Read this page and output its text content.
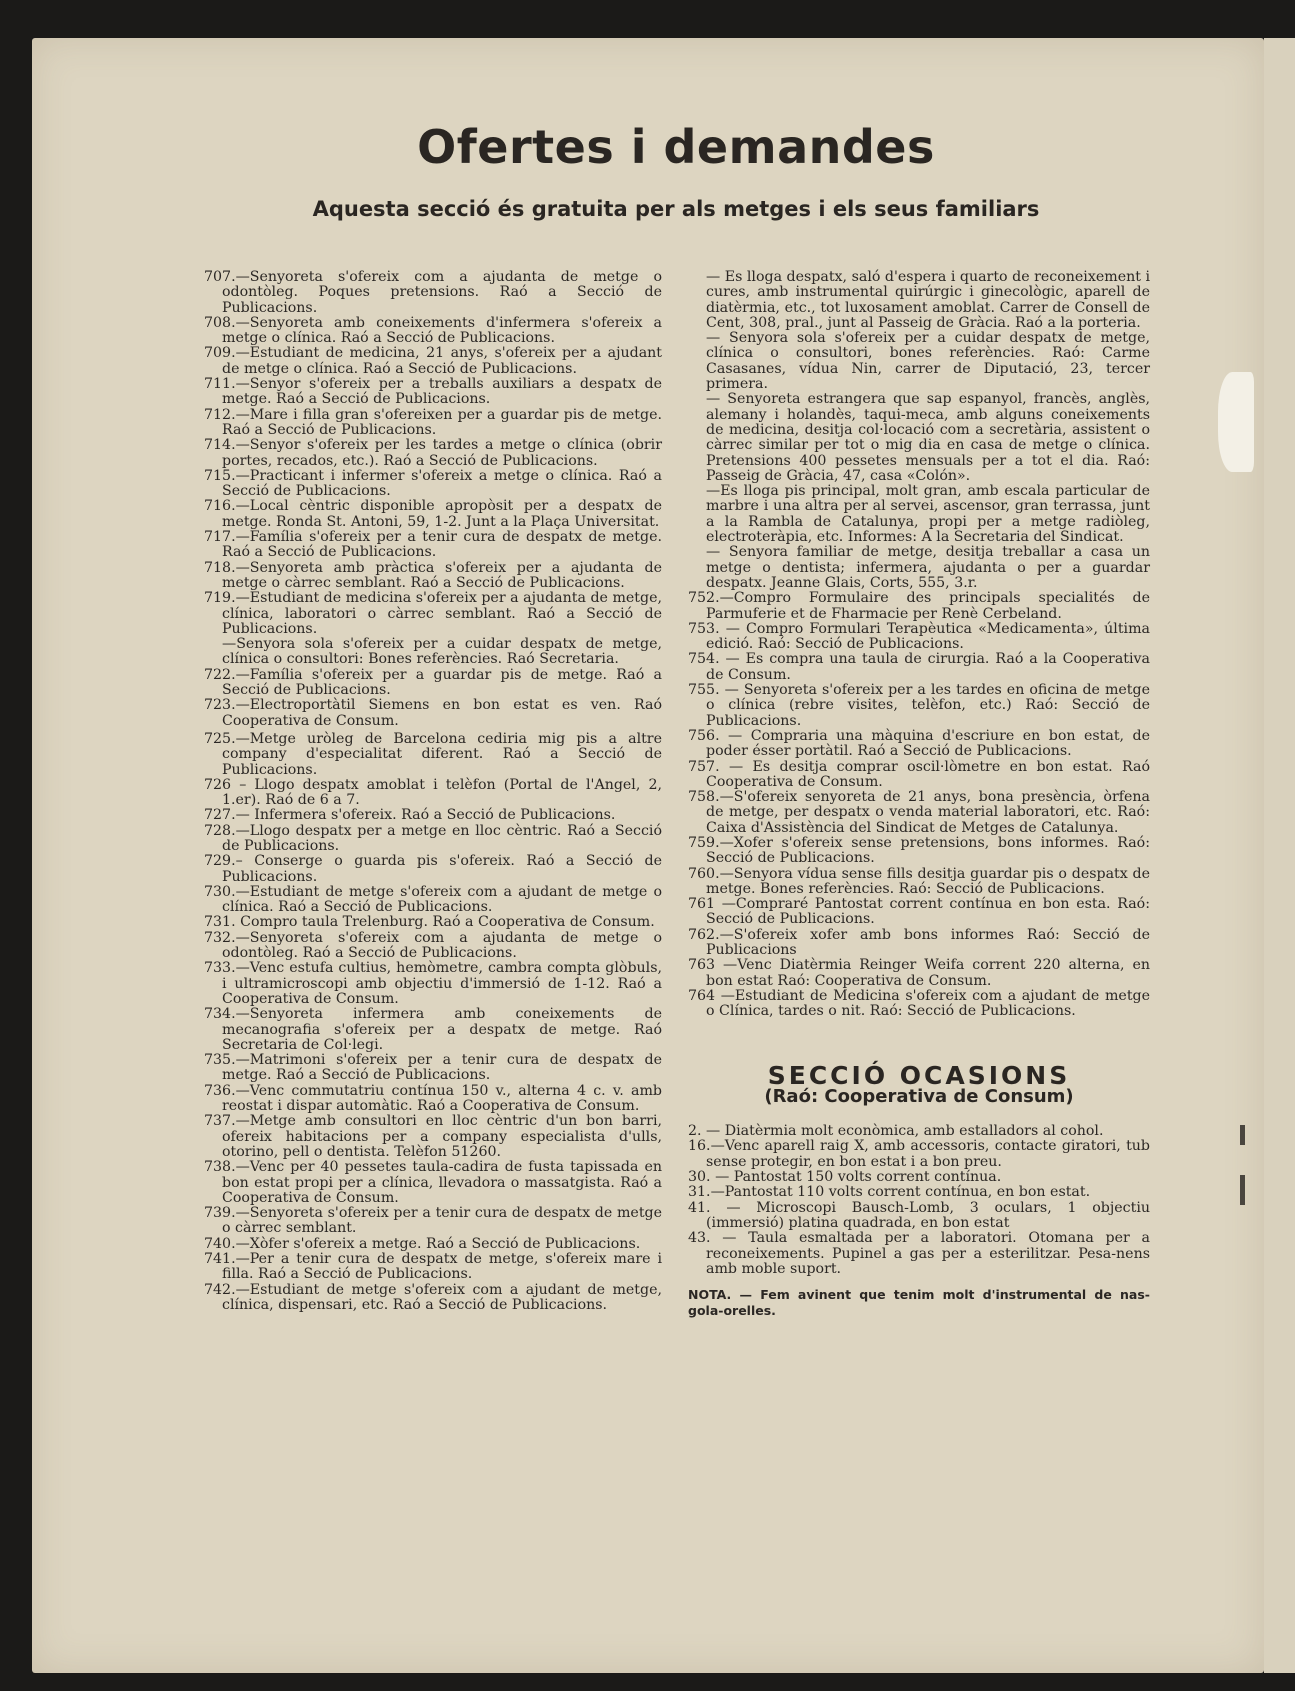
Ofertes i demandes
Aquesta secció és gratuita per als metges i els seus familiars

707.—Senyoreta s'ofereix com a ajudanta de metge o odontòleg. Poques pretensions. Raó a Secció de Publicacions.

708.—Senyoreta amb coneixements d'infermera s'ofereix a metge o clínica. Raó a Secció de Publicacions.

709.—Estudiant de medicina, 21 anys, s'ofereix per a ajudant de metge o clínica. Raó a Secció de Publicacions.

711.—Senyor s'ofereix per a treballs auxiliars a despatx de metge. Raó a Secció de Publicacions.

712.—Mare i filla gran s'ofereixen per a guardar pis de metge. Raó a Secció de Publicacions.

714.—Senyor s'ofereix per les tardes a metge o clínica (obrir portes, recados, etc.). Raó a Secció de Publicacions.

715.—Practicant i infermer s'ofereix a metge o clínica. Raó a Secció de Publicacions.

716.—Local cèntric disponible apropòsit per a despatx de metge. Ronda St. Antoni, 59, 1-2. Junt a la Plaça Universitat.

717.—Família s'ofereix per a tenir cura de despatx de metge. Raó a Secció de Publicacions.

718.—Senyoreta amb pràctica s'ofereix per a ajudanta de metge o càrrec semblant. Raó a Secció de Publicacions.

719.—Estudiant de medicina s'ofereix per a ajudanta de metge, clínica, laboratori o càrrec semblant. Raó a Secció de Publicacions.

—Senyora sola s'ofereix per a cuidar despatx de metge, clínica o consultori: Bones referències. Raó Secretaria.

722.—Família s'ofereix per a guardar pis de metge. Raó a Secció de Publicacions.

723.—Electroportàtil Siemens en bon estat es ven. Raó Cooperativa de Consum.

725.—Metge uròleg de Barcelona cediria mig pis a altre company d'especialitat diferent. Raó a Secció de Publicacions.

726 – Llogo despatx amoblat i telèfon (Portal de l'Angel, 2, 1.er). Raó de 6 a 7.

727.— Infermera s'ofereix. Raó a Secció de Publicacions.

728.—Llogo despatx per a metge en lloc cèntric. Raó a Secció de Publicacions.

729.– Conserge o guarda pis s'ofereix. Raó a Secció de Publicacions.

730.—Estudiant de metge s'ofereix com a ajudant de metge o clínica. Raó a Secció de Publicacions.

731. Compro taula Trelenburg. Raó a Cooperativa de Consum.

732.—Senyoreta s'ofereix com a ajudanta de metge o odontòleg. Raó a Secció de Publicacions.

733.—Venc estufa cultius, hemòmetre, cambra compta glòbuls, i ultramicroscopi amb objectiu d'immersió de 1-12. Raó a Cooperativa de Consum.

734.—Senyoreta infermera amb coneixements de mecanografia s'ofereix per a despatx de metge. Raó Secretaria de Col·legi.

735.—Matrimoni s'ofereix per a tenir cura de despatx de metge. Raó a Secció de Publicacions.

736.—Venc commutatriu contínua 150 v., alterna 4 c. v. amb reostat i dispar automàtic. Raó a Cooperativa de Consum.

737.—Metge amb consultori en lloc cèntric d'un bon barri, ofereix habitacions per a company especialista d'ulls, otorino, pell o dentista. Telèfon 51260.

738.—Venc per 40 pessetes taula-cadira de fusta tapissada en bon estat propi per a clínica, llevadora o massatgista. Raó a Cooperativa de Consum.

739.—Senyoreta s'ofereix per a tenir cura de despatx de metge o càrrec semblant.

740.—Xòfer s'ofereix a metge. Raó a Secció de Publicacions.

741.—Per a tenir cura de despatx de metge, s'ofereix mare i filla. Raó a Secció de Publicacions.

742.—Estudiant de metge s'ofereix com a ajudant de metge, clínica, dispensari, etc. Raó a Secció de Publicacions.

— Es lloga despatx, saló d'espera i quarto de reconeixement i cures, amb instrumental quirúrgic i ginecològic, aparell de diatèrmia, etc., tot luxosament amoblat. Carrer de Consell de Cent, 308, pral., junt al Passeig de Gràcia. Raó a la porteria.

— Senyora sola s'ofereix per a cuidar despatx de metge, clínica o consultori, bones referències. Raó: Carme Casasanes, vídua Nin, carrer de Diputació, 23, tercer primera.

— Senyoreta estrangera que sap espanyol, francès, anglès, alemany i holandès, taqui-meca, amb alguns coneixements de medicina, desitja col·locació com a secretària, assistent o càrrec similar per tot o mig dia en casa de metge o clínica. Pretensions 400 pessetes mensuals per a tot el dia. Raó: Passeig de Gràcia, 47, casa «Colón».

—Es lloga pis principal, molt gran, amb escala particular de marbre i una altra per al servei, ascensor, gran terrassa, junt a la Rambla de Catalunya, propi per a metge radiòleg, electroteràpia, etc. Informes: A la Secretaria del Sindicat.

— Senyora familiar de metge, desitja treballar a casa un metge o dentista; infermera, ajudanta o per a guardar despatx. Jeanne Glais, Corts, 555, 3.r.

752.—Compro Formulaire des principals specialités de Parmuferie et de Fharmacie per Renè Cerbeland.

753. — Compro Formulari Terapèutica «Medicamenta», última edició. Raó: Secció de Publicacions.

754. — Es compra una taula de cirurgia. Raó a la Cooperativa de Consum.

755. — Senyoreta s'ofereix per a les tardes en oficina de metge o clínica (rebre visites, telèfon, etc.) Raó: Secció de Publicacions.

756. — Compraria una màquina d'escriure en bon estat, de poder ésser portàtil. Raó a Secció de Publicacions.

757. — Es desitja comprar oscil·lòmetre en bon estat. Raó Cooperativa de Consum.

758.—S'ofereix senyoreta de 21 anys, bona presència, òrfena de metge, per despatx o venda material laboratori, etc. Raó: Caixa d'Assistència del Sindicat de Metges de Catalunya.

759.—Xofer s'ofereix sense pretensions, bons informes. Raó: Secció de Publicacions.

760.—Senyora vídua sense fills desitja guardar pis o despatx de metge. Bones referències. Raó: Secció de Publicacions.

761 —Compraré Pantostat corrent contínua en bon esta. Raó: Secció de Publicacions.

762.—S'ofereix xofer amb bons informes Raó: Secció de Publicacions

763 —Venc Diatèrmia Reinger Weifa corrent 220 alterna, en bon estat Raó: Cooperativa de Consum.

764 —Estudiant de Medicina s'ofereix com a ajudant de metge o Clínica, tardes o nit. Raó: Secció de Publicacions.

SECCIÓ OCASIONS
(Raó: Cooperativa de Consum)

2. — Diatèrmia molt econòmica, amb estalladors al cohol.

16.—Venc aparell raig X, amb accessoris, contacte giratori, tub sense protegir, en bon estat i a bon preu.

30. — Pantostat 150 volts corrent contínua.

31.—Pantostat 110 volts corrent contínua, en bon estat.

41. — Microscopi Bausch-Lomb, 3 oculars, 1 objectiu (immersió) platina quadrada, en bon estat

43. — Taula esmaltada per a laboratori. Otomana per a reconeixements. Pupinel a gas per a esterilitzar. Pesa-nens amb moble suport.

NOTA. — Fem avinent que tenim molt d'instrumental de nas-gola-orelles.
